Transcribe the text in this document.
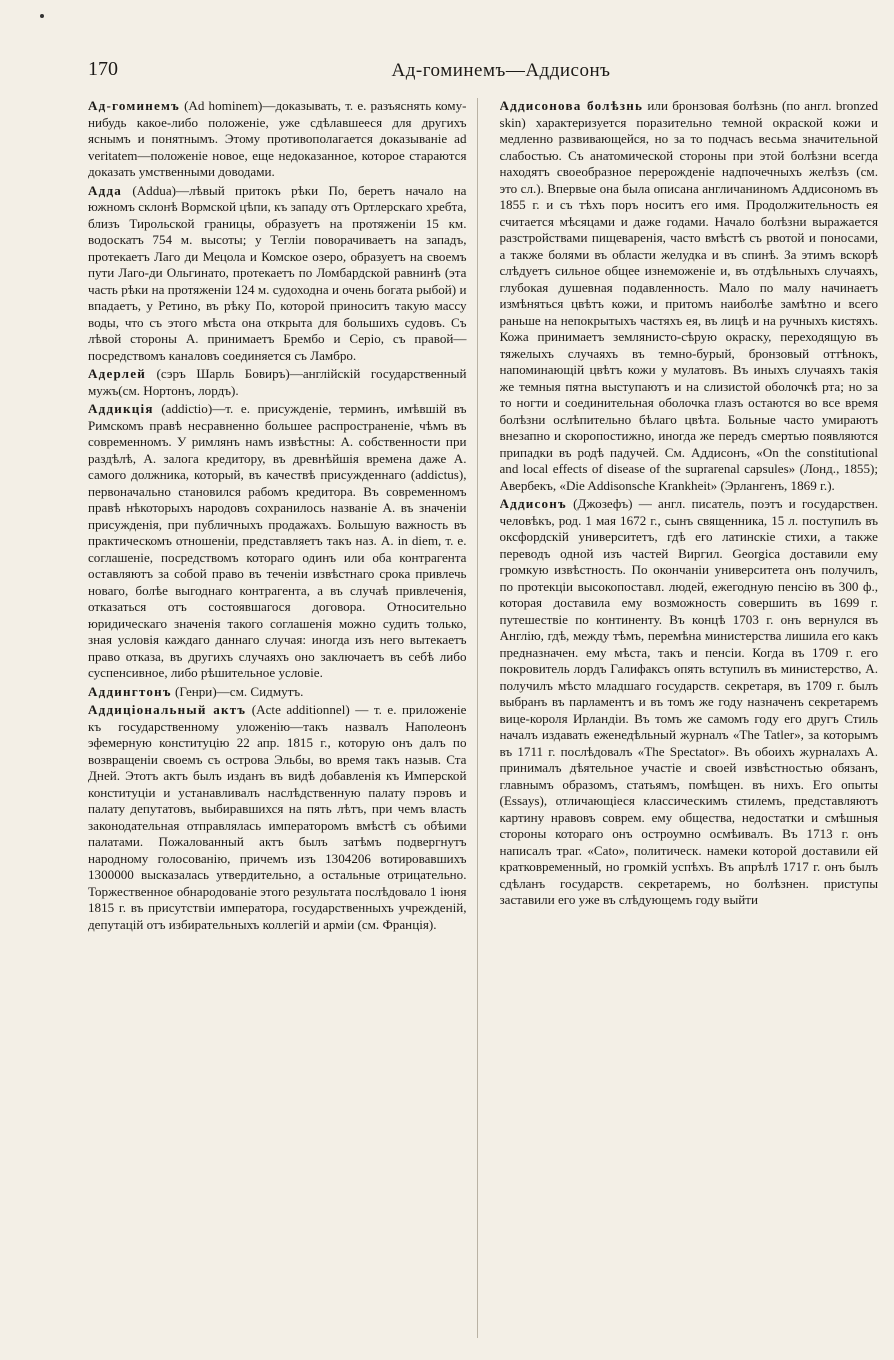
170	Ад-гоминемъ—Аддисонъ

Ад-гоминемъ (Ad hominem)—доказывать, т. е. разъяснять кому-нибудь какое-либо положеніе, уже сдѣлавшееся для другихъ яснымъ и понятнымъ. Этому противополагается доказываніе ad veritatem—положеніе новое, еще недоказанное, которое стараются доказать умственными доводами.

Адда (Addua)—лѣвый притокъ рѣки По, беретъ начало на южномъ склонѣ Вормской цѣпи, къ западу отъ Ортлерскаго хребта, близъ Тирольской границы, образуетъ на протяженіи 15 км. водоскатъ 754 м. высоты; у Тегліи поворачиваетъ на западъ, протекаетъ Лаго ди Мецола и Комское озеро, образуетъ на своемъ пути Лаго-ди Ольгинато, протекаетъ по Ломбардской равнинѣ (эта часть рѣки на протяженіи 124 м. судоходна и очень богата рыбой) и впадаетъ, у Ретино, въ рѣку По, которой приноситъ такую массу воды, что съ этого мѣста она открыта для большихъ судовъ. Съ лѣвой стороны А. принимаетъ Брембо и Серіо, съ правой—посредствомъ каналовъ соединяется съ Ламбро.

Адерлей (сэръ Шарль Бовиръ)—англійскій государственный мужъ(см. Нортонъ, лордъ).

Аддикція (addictio)—т. е. присужденіе, терминъ, имѣвшій въ Римскомъ правѣ несравненно большее распространеніе, чѣмъ въ современномъ. У римлянъ намъ извѣстны: А. собственности при раздѣлѣ, А. залога кредитору, въ древнѣйшія времена даже А. самого должника, который, въ качествѣ присужденнаго (addictus), первоначально становился рабомъ кредитора. Въ современномъ правѣ нѣкоторыхъ народовъ сохранилось названіе А. въ значеніи присужденія, при публичныхъ продажахъ. Большую важность въ практическомъ отношеніи, представляетъ такъ наз. А. in diem, т. е. соглашеніе, посредствомъ котораго одинъ или оба контрагента оставляютъ за собой право въ теченіи извѣстнаго срока привлечь новаго, болѣе выгоднаго контрагента, а въ случаѣ привлеченія, отказаться отъ состоявшагося договора. Относительно юридическаго значенія такого соглашенія можно судить только, зная условія каждаго даннаго случая: иногда изъ него вытекаетъ право отказа, въ другихъ случаяхъ оно заключаетъ въ себѣ либо суспенсивное, либо рѣшительное условіе.

Аддингтонъ (Генри)—см. Сидмутъ.

Аддиціональный актъ (Acte additionnel) — т. е. приложеніе къ государственному уложенію—такъ назвалъ Наполеонъ эфемерную конституцію 22 апр. 1815 г., которую онъ далъ по возвращеніи своемъ съ острова Эльбы, во время такъ назыв. Ста Дней. Этотъ актъ былъ изданъ въ видѣ добавленія къ Имперской конституціи и устанавливалъ наслѣдственную палату пэровъ и палату депутатовъ, выбиравшихся на пять лѣтъ, при чемъ власть законодательная отправлялась императоромъ вмѣстѣ съ обѣими палатами. Пожалованный актъ былъ затѣмъ подвергнутъ народному голосованію, причемъ изъ 1304206 вотировавшихъ 1300000 высказалась утвердительно, а остальные отрицательно. Торжественное обнародованіе этого результата послѣдовало 1 іюня 1815 г. въ присутствіи императора, государственныхъ учрежденій, депутацій отъ избирательныхъ коллегій и арміи (см. Франція).

Аддисонова болѣзнь или бронзовая болѣзнь (по англ. bronzed skin) характеризуется поразительно темной окраской кожи и медленно развивающейся, но за то подчасъ весьма значительной слабостью. Съ анатомической стороны при этой болѣзни всегда находятъ своеобразное перерожденіе надпочечныхъ желѣзъ (см. это сл.). Впервые она была описана англичаниномъ Аддисономъ въ 1855 г. и съ тѣхъ поръ носитъ его имя. Продолжительность ея считается мѣсяцами и даже годами. Начало болѣзни выражается разстройствами пищеваренія, часто вмѣстѣ съ рвотой и поносами, а также болями въ области желудка и въ спинѣ. За этимъ вскорѣ слѣдуетъ сильное общее изнеможеніе и, въ отдѣльныхъ случаяхъ, глубокая душевная подавленность. Мало по малу начинаетъ измѣняться цвѣтъ кожи, и притомъ наиболѣе замѣтно и всего раньше на непокрытыхъ частяхъ ея, въ лицѣ и на ручныхъ кистяхъ. Кожа принимаетъ землянисто-сѣрую окраску, переходящую въ тяжелыхъ случаяхъ въ темно-бурый, бронзовый оттѣнокъ, напоминающій цвѣтъ кожи у мулатовъ. Въ иныхъ случаяхъ такія же темныя пятна выступаютъ и на слизистой оболочкѣ рта; но за то ногти и соединительная оболочка глазъ остаются во все время болѣзни ослѣпительно бѣлаго цвѣта. Больные часто умираютъ внезапно и скоропостижно, иногда же передъ смертью появляются припадки въ родѣ падучей. См. Аддисонъ, «On the constitutional and local effects of disease of the suprarenal capsules» (Лонд., 1855); Авербекъ, «Die Addisonsche Krankheit» (Эрлангенъ, 1869 г.).

Аддисонъ (Джозефъ) — англ. писатель, поэтъ и государствен. человѣкъ, род. 1 мая 1672 г., сынъ священника, 15 л. поступилъ въ оксфордскій университетъ, гдѣ его латинскіе стихи, а также переводъ одной изъ частей Виргил. Georgica доставили ему громкую извѣстность. По окончаніи университета онъ получилъ, по протекціи высокопоставл. людей, ежегодную пенсію въ 300 ф., которая доставила ему возможность совершить въ 1699 г. путешествіе по континенту. Въ концѣ 1703 г. онъ вернулся въ Англію, гдѣ, между тѣмъ, перемѣна министерства лишила его какъ предназначен. ему мѣста, такъ и пенсіи. Когда въ 1709 г. его покровитель лордъ Галифаксъ опять вступилъ въ министерство, А. получилъ мѣсто младшаго государств. секретаря, въ 1709 г. былъ выбранъ въ парламентъ и въ томъ же году назначенъ секретаремъ вице-короля Ирландіи. Въ томъ же самомъ году его другъ Стиль началъ издавать еженедѣльный журналъ «The Tatler», за которымъ въ 1711 г. послѣдовалъ «The Spectator». Въ обоихъ журналахъ А. принималъ дѣятельное участіе и своей извѣстностью обязанъ, главнымъ образомъ, статьямъ, помѣщен. въ нихъ. Его опыты (Essays), отличающіеся классическимъ стилемъ, представляютъ картину нравовъ соврем. ему общества, недостатки и смѣшныя стороны котораго онъ остроумно осмѣивалъ. Въ 1713 г. онъ написалъ траг. «Cato», политическ. намеки которой доставили ей кратковременный, но громкій успѣхъ. Въ апрѣлѣ 1717 г. онъ былъ сдѣланъ государств. секретаремъ, но болѣзнен. приступы заставили его уже въ слѣдующемъ году выйти
